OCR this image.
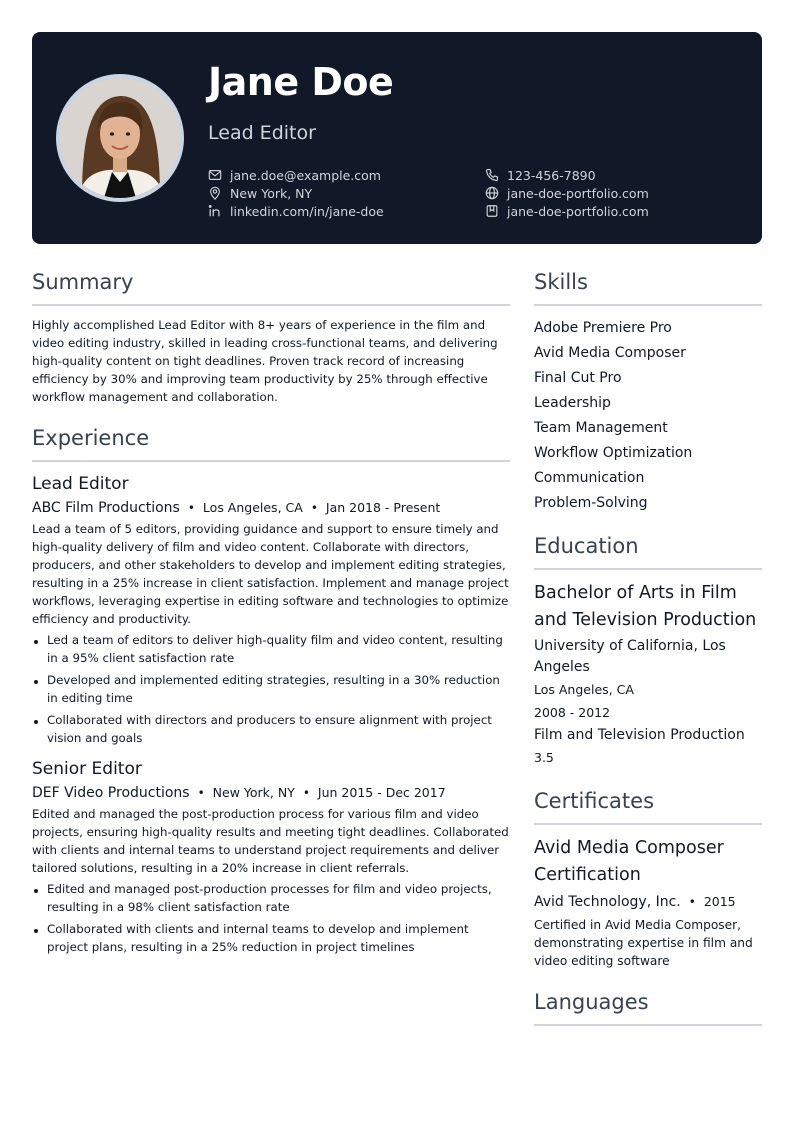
Jane Doe
Lead Editor
jane.doe@example.com	123-456-7890
New York, NY	jane-doe-portfolio.com
linkedin.com/in/jane-doe	jane-doe-portfolio.com
Summary

Highly accomplished Lead Editor with 8+ years of experience in the film and video editing industry, skilled in leading cross-functional teams, and delivering high-quality content on tight deadlines. Proven track record of increasing efficiency by 30% and improving team productivity by 25% through effective workflow management and collaboration.

Experience
Lead Editor
ABC Film Productions • Los Angeles, CA • Jan 2018 - Present

Lead a team of 5 editors, providing guidance and support to ensure timely and high-quality delivery of film and video content. Collaborate with directors, producers, and other stakeholders to develop and implement editing strategies, resulting in a 25% increase in client satisfaction. Implement and manage project workflows, leveraging expertise in editing software and technologies to optimize efficiency and productivity.

Led a team of editors to deliver high-quality film and video content, resulting in a 95% client satisfaction rate
Developed and implemented editing strategies, resulting in a 30% reduction in editing time
Collaborated with directors and producers to ensure alignment with project vision and goals
Senior Editor
DEF Video Productions • New York, NY • Jun 2015 - Dec 2017

Edited and managed the post-production process for various film and video projects, ensuring high-quality results and meeting tight deadlines. Collaborated with clients and internal teams to understand project requirements and deliver tailored solutions, resulting in a 20% increase in client referrals.

Edited and managed post-production processes for film and video projects, resulting in a 98% client satisfaction rate
Collaborated with clients and internal teams to develop and implement project plans, resulting in a 25% reduction in project timelines
Skills
Adobe Premiere Pro
Avid Media Composer
Final Cut Pro
Leadership
Team Management
Workflow Optimization
Communication
Problem-Solving
Education
Bachelor of Arts in Film and Television Production
University of California, Los Angeles
Los Angeles, CA
2008 - 2012
Film and Television Production
3.5
Certificates
Avid Media Composer Certification
Avid Technology, Inc. • 2015
Certified in Avid Media Composer, demonstrating expertise in film and video editing software
Languages
